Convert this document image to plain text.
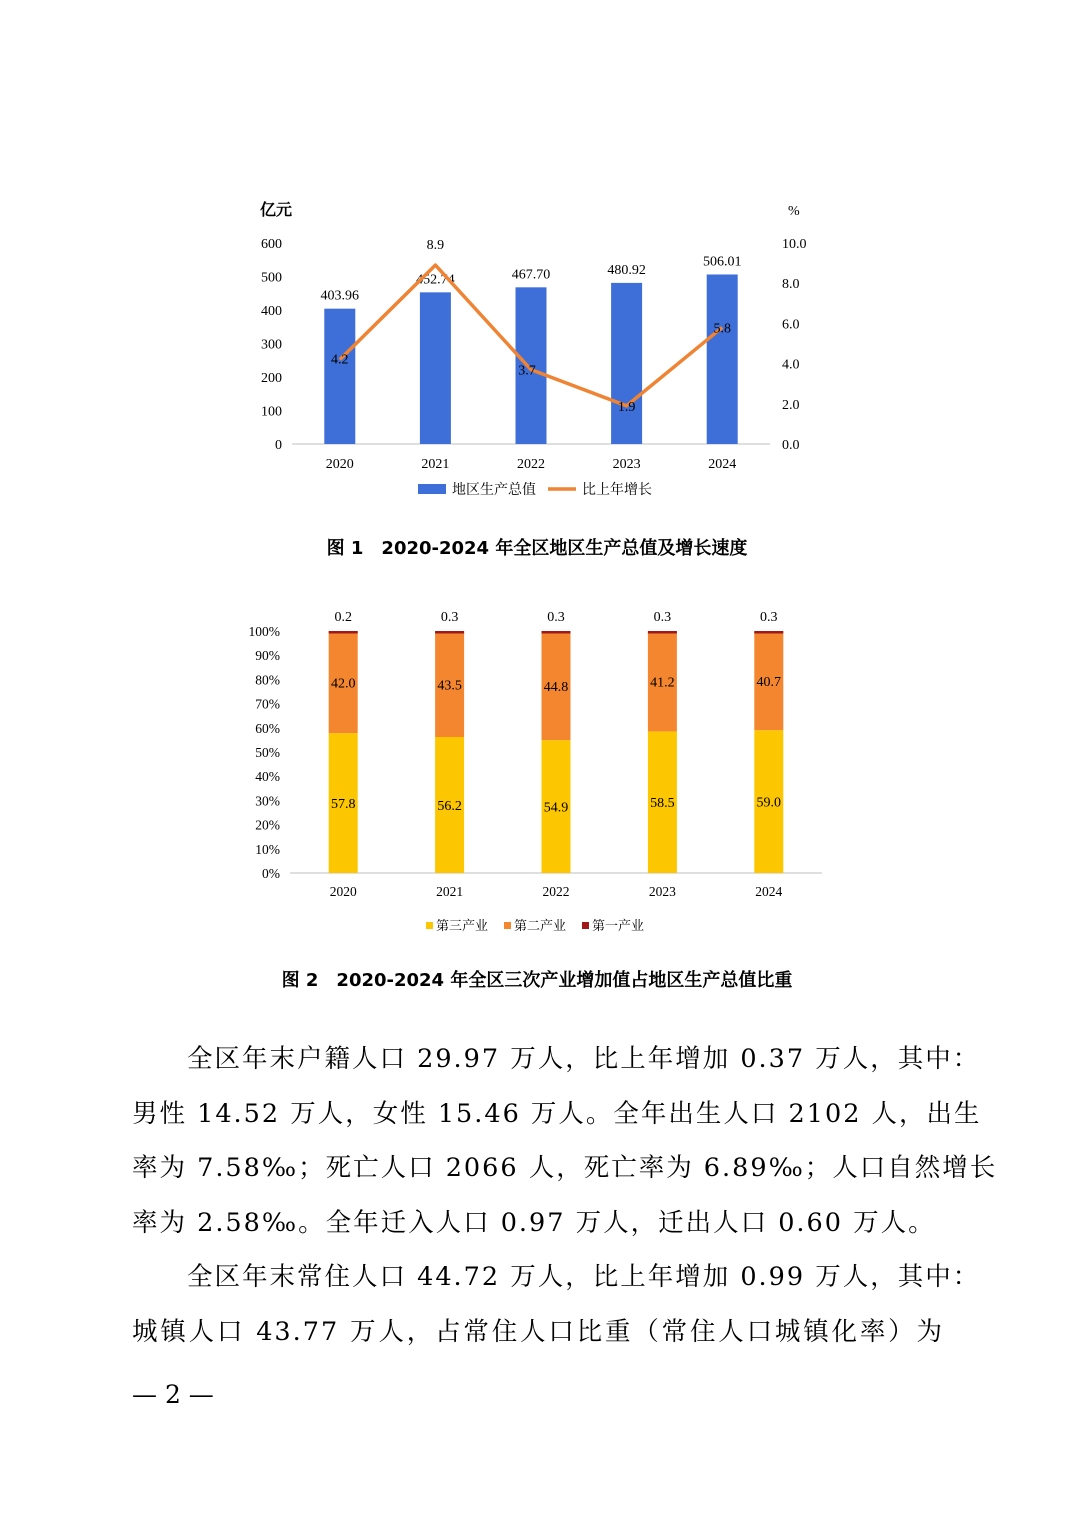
亿元	%
0
100
200
300
400
500
600
0.0
2.0
4.0
6.0
8.0
10.0
403.96
2020
452.74
2021
467.70
2022
480.92
2023
506.01
2024
4.2
8.9
3.7
1.9
5.8
地区生产总值	比上年增长
图 1　2020-2024 年全区地区生产总值及增长速度
0%
10%
20%
30%
40%
50%
60%
70%
80%
90%
100%
57.8
42.0
0.2
2020
56.2
43.5
0.3
2021
54.9
44.8
0.3
2022
58.5
41.2
0.3
2023
59.0
40.7
0.3
2024
第三产业 第二产业 第一产业
图 2　2020-2024 年全区三次产业增加值占地区生产总值比重
　　全区年末户籍人口 29.97 万人，比上年增加 0.37 万人，其中：
男性 14.52 万人，女性 15.46 万人。全年出生人口 2102 人，出生
率为 7.58‰；死亡人口 2066 人，死亡率为 6.89‰；人口自然增长
率为 2.58‰。全年迁入人口 0.97 万人，迁出人口 0.60 万人。
　　全区年末常住人口 44.72 万人，比上年增加 0.99 万人，其中：
城镇人口 43.77 万人，占常住人口比重（常住人口城镇化率）为
— 2 —
